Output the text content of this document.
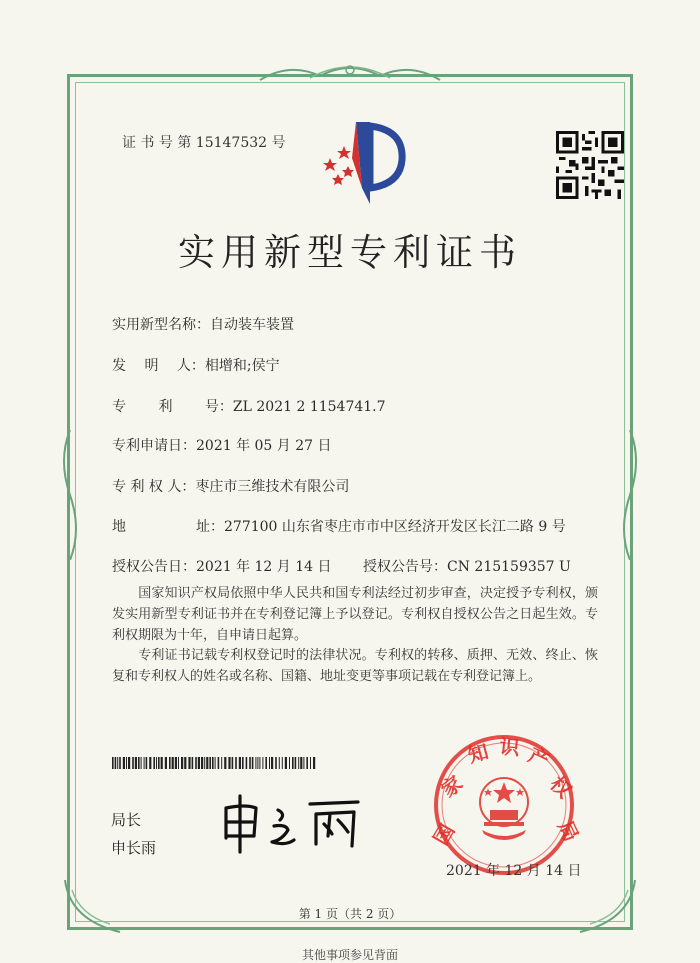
证 书 号 第 15147532 号
实用新型专利证书
实用新型名称：自动装车装置
发　 明　 人：相增和;侯宁
专　 　利　 　号：ZL 2021 2 1154741.7
专利申请日：2021 年 05 月 27 日
专 利 权 人：枣庄市三维技术有限公司
地　　　　　址：277100 山东省枣庄市市中区经济开发区长江二路 9 号
授权公告日：2021 年 12 月 14 日 授权公告号：CN 215159357 U
　　国家知识产权局依照中华人民共和国专利法经过初步审查，决定授予专利权，颁发实用新型专利证书并在专利登记簿上予以登记。专利权自授权公告之日起生效。专利权期限为十年，自申请日起算。
　　专利证书记载专利权登记时的法律状况。专利权的转移、质押、无效、终止、恢复和专利权人的姓名或名称、国籍、地址变更等事项记载在专利登记簿上。
局长
申长雨	国
家
知 识 产
权
局
2021 年 12 月 14 日
第 1 页（共 2 页）
其他事项参见背面
